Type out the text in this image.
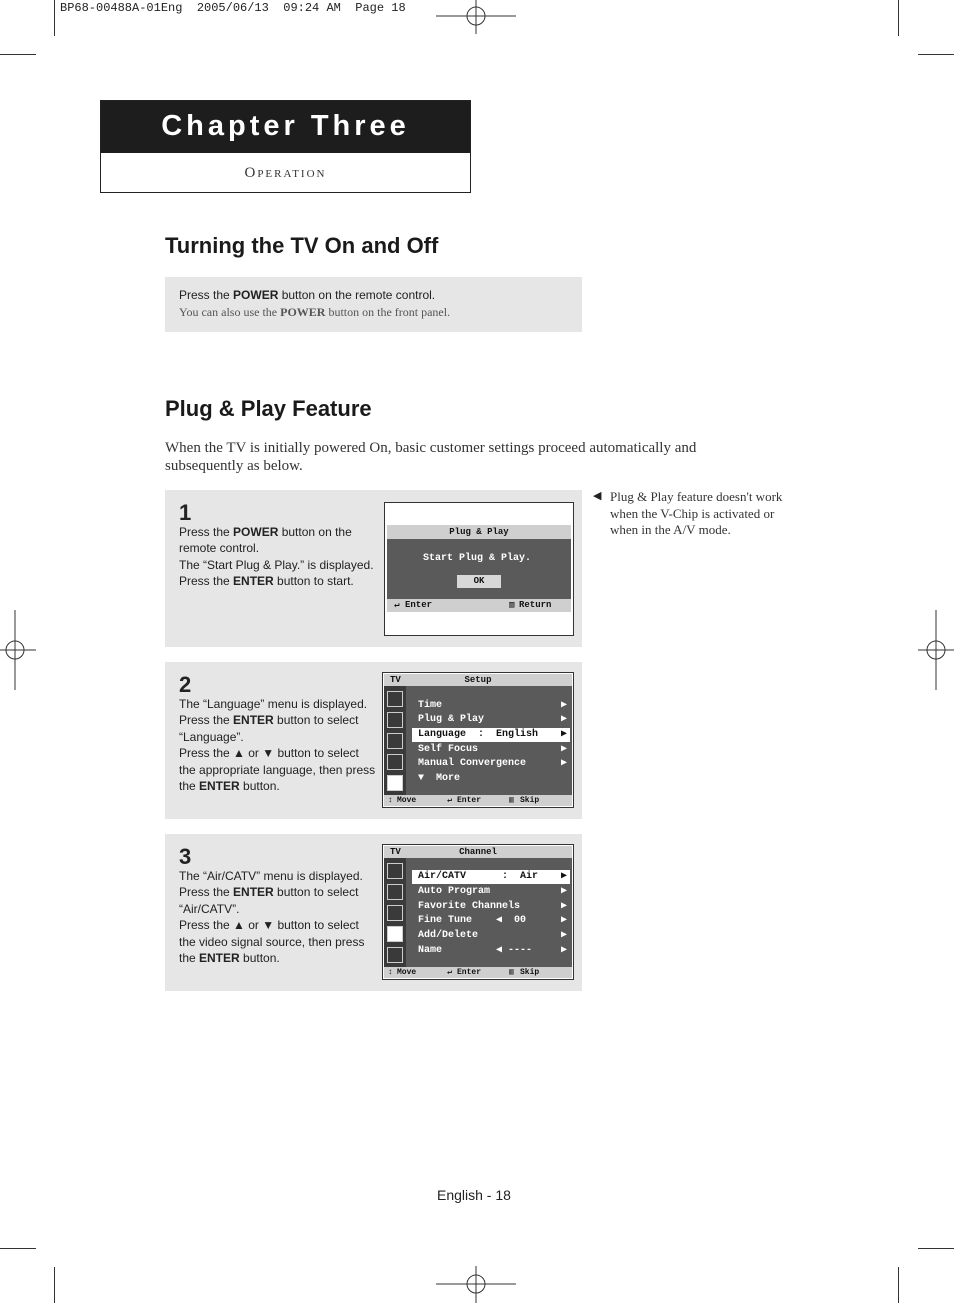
BP68-00488A-01Eng  2005/06/13  09:24 AM  Page 18
Chapter Three
Operation
Turning the TV On and Off
Press the POWER button on the remote control.
You can also use the POWER button on the front panel.
Plug & Play Feature
When the TV is initially powered On, basic customer settings proceed automatically and subsequently as below.
◀ Plug & Play feature doesn't work when the V-Chip is activated or when in the A/V mode.
1
Press the POWER button on the
remote control.
The “Start Plug & Play.” is displayed.
Press the ENTER button to start.
2
The “Language” menu is displayed.
Press the ENTER button to select
“Language”.
Press the ▲ or ▼ button to select
the appropriate language, then press
the ENTER button.
3
The “Air/CATV” menu is displayed.
Press the ENTER button to select
“Air/CATV”.
Press the ▲ or ▼ button to select
the video signal source, then press
the ENTER button.
Plug & Play
Start Plug & Play.
OK
↵ Enter	▥ Return
TV	Setup
Time	▶
Plug & Play	▶
Language  :  English ▶
Self Focus	▶
Manual Convergence	▶
▼  More
↕ Move	↵ Enter	▥ Skip
TV	Channel
Air/CATV      :  Air ▶
Auto Program	▶
Favorite Channels	▶
Fine Tune    ◀  00	▶
Add/Delete	▶
Name         ◀ ----	▶
↕ Move	↵ Enter	▥ Skip
English - 18
